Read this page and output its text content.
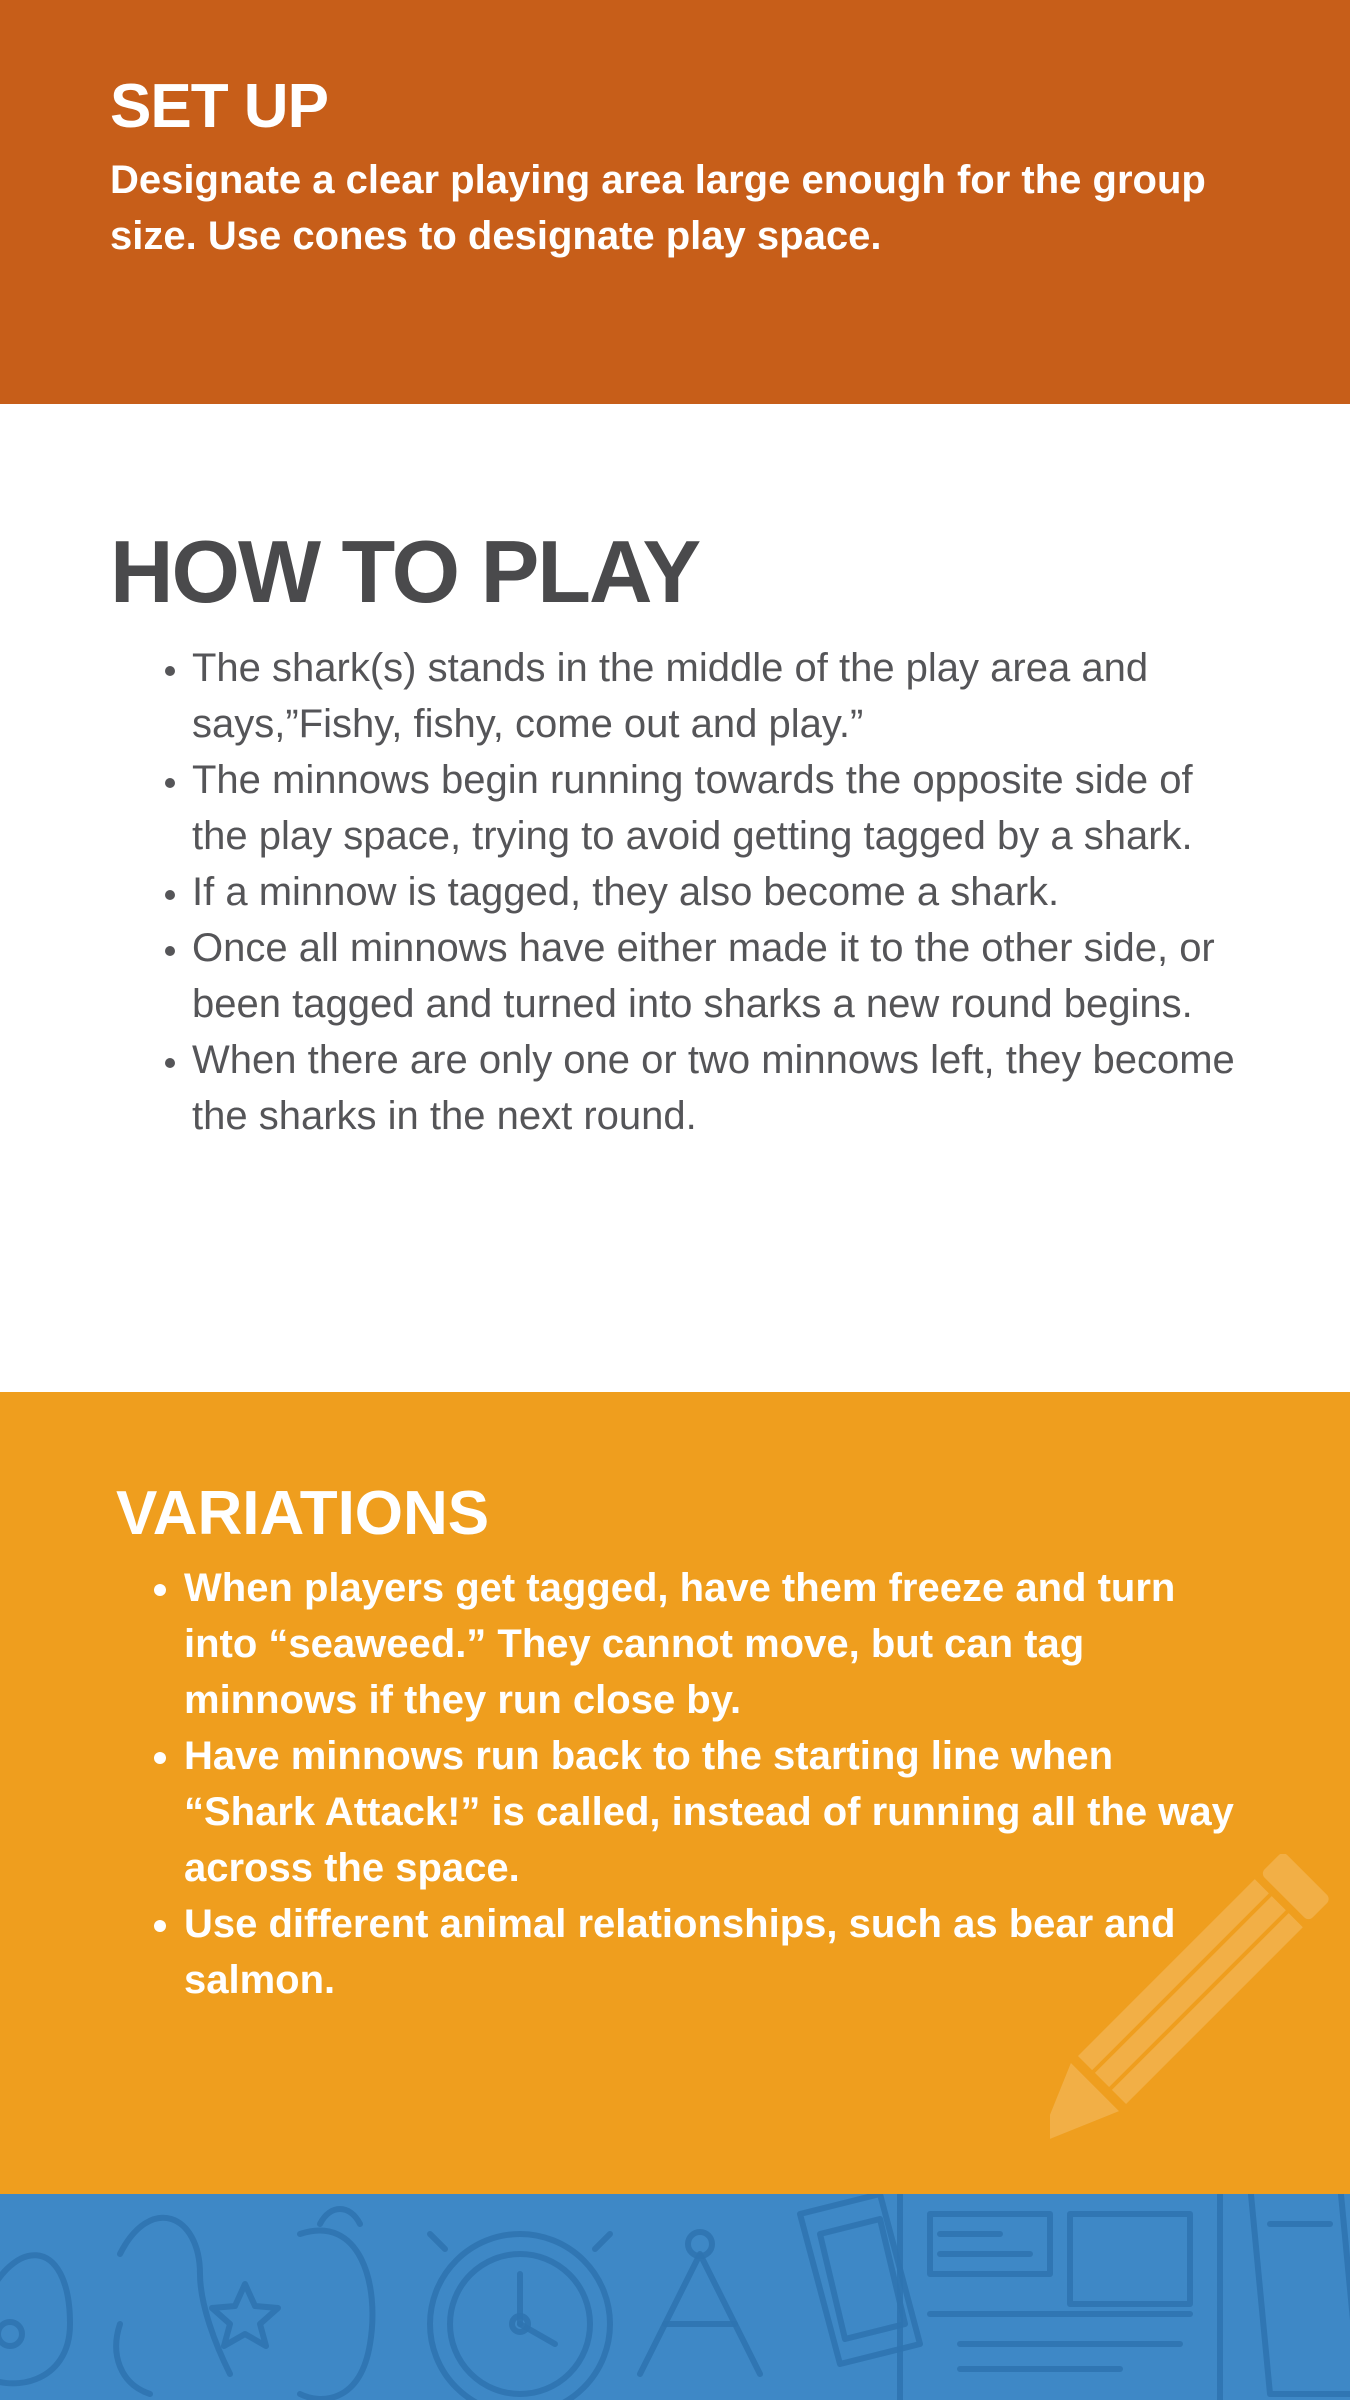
SET UP

Designate a clear playing area large enough for the group size. Use cones to designate play space.

HOW TO PLAY
• The shark(s) stands in the middle of the play area and says,”Fishy, fishy, come out and play.”
• The minnows begin running towards the opposite side of the play space, trying to avoid getting tagged by a shark.
• If a minnow is tagged, they also become a shark.
• Once all minnows have either made it to the other side, or been tagged and turned into sharks a new round begins.
• When there are only one or two minnows left, they become the sharks in the next round.
VARIATIONS
• When players get tagged, have them freeze and turn into “seaweed.” They cannot move, but can tag minnows if they run close by.
• Have minnows run back to the starting line when “Shark Attack!” is called, instead of running all the way across the space.
• Use different animal relationships, such as bear and salmon.
